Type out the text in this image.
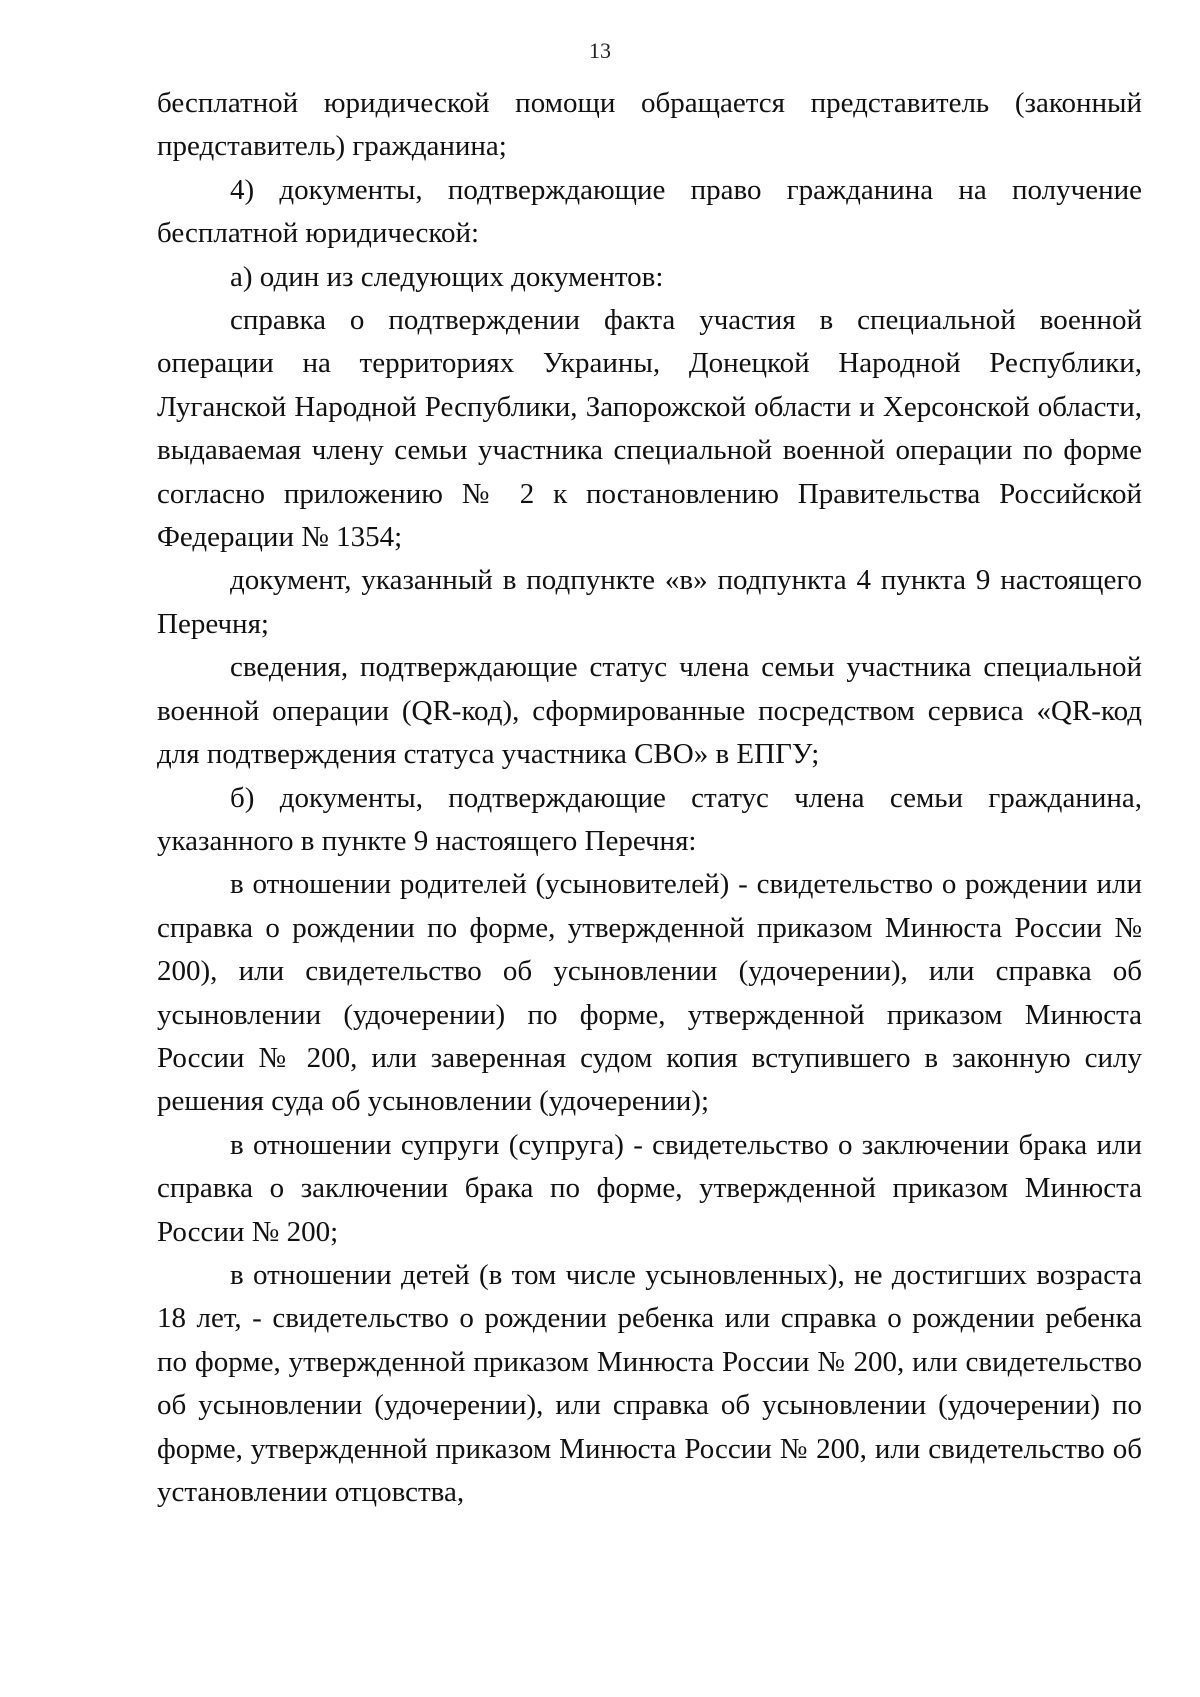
13

бесплатной юридической помощи обращается представитель (законный представитель) гражданина;

4) документы, подтверждающие право гражданина на получение бесплатной юридической:

а) один из следующих документов:

справка о подтверждении факта участия в специальной военной операции на территориях Украины, Донецкой Народной Республики, Луганской Народной Республики, Запорожской области и Херсонской области, выдаваемая члену семьи участника специальной военной операции по форме согласно приложению № 2 к постановлению Правительства Российской Федерации № 1354;

документ, указанный в подпункте «в» подпункта 4 пункта 9 настоящего Перечня;

сведения, подтверждающие статус члена семьи участника специальной военной операции (QR-код), сформированные посредством сервиса «QR-код для подтверждения статуса участника СВО» в ЕПГУ;

б) документы, подтверждающие статус члена семьи гражданина, указанного в пункте 9 настоящего Перечня:

в отношении родителей (усыновителей) - свидетельство о рождении или справка о рождении по форме, утвержденной приказом Минюста России № 200), или свидетельство об усыновлении (удочерении), или справка об усыновлении (удочерении) по форме, утвержденной приказом Минюста России № 200, или заверенная судом копия вступившего в законную силу решения суда об усыновлении (удочерении);

в отношении супруги (супруга) - свидетельство о заключении брака или справка о заключении брака по форме, утвержденной приказом Минюста России № 200;

в отношении детей (в том числе усыновленных), не достигших возраста 18 лет, - свидетельство о рождении ребенка или справка о рождении ребенка по форме, утвержденной приказом Минюста России № 200, или свидетельство об усыновлении (удочерении), или справка об усыновлении (удочерении) по форме, утвержденной приказом Минюста России № 200, или свидетельство об установлении отцовства,
